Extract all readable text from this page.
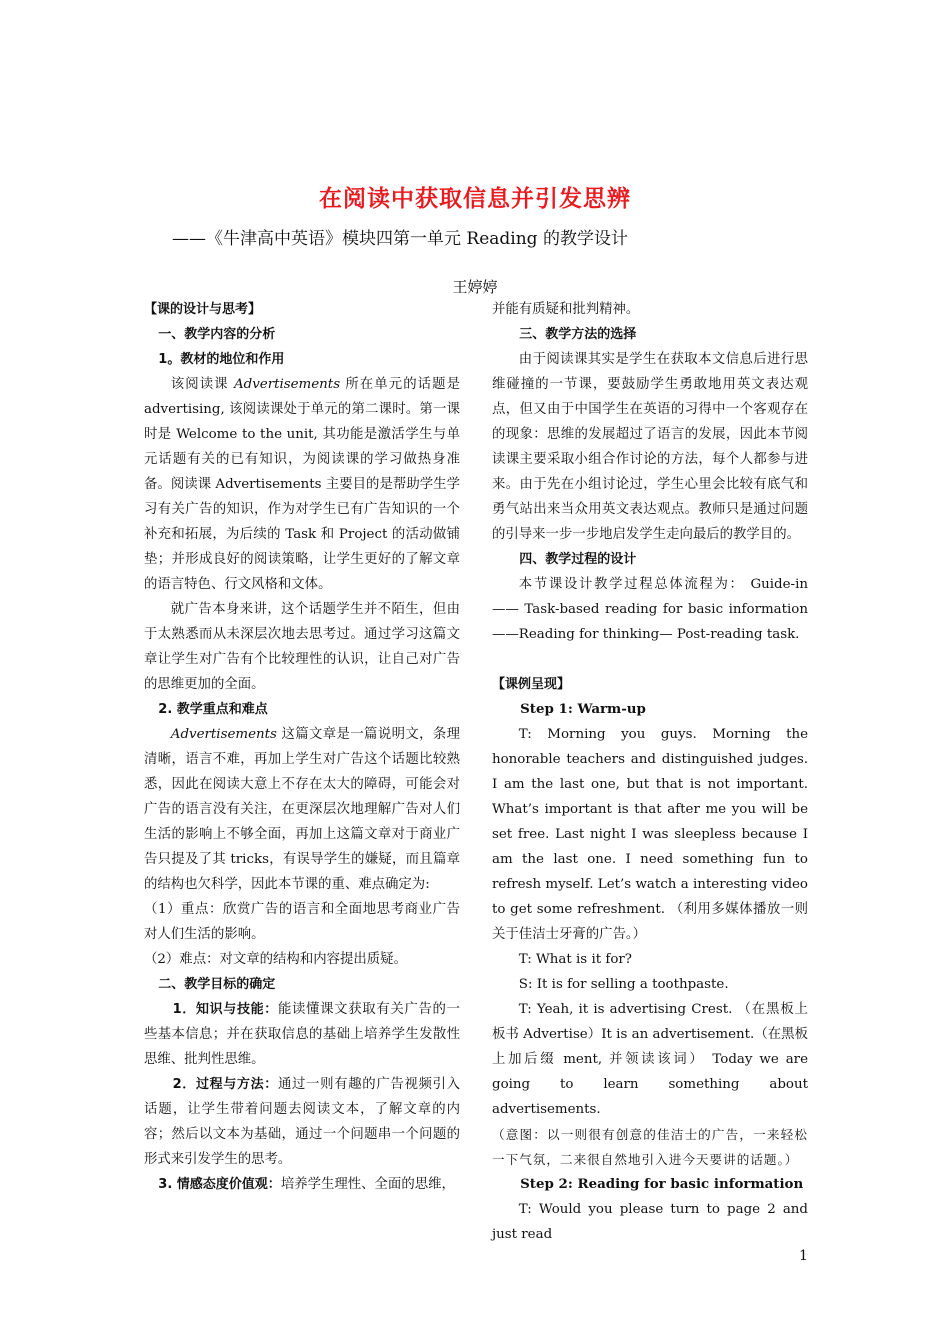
在阅读中获取信息并引发思辨
——《牛津高中英语》模块四第一单元 Reading 的教学设计
王婷婷

【课的设计与思考】

一、教学内容的分析

1。教材的地位和作用

该阅读课 Advertisements 所在单元的话题是 advertising, 该阅读课处于单元的第二课时。第一课时是 Welcome to the unit, 其功能是激活学生与单元话题有关的已有知识，为阅读课的学习做热身准备。阅读课 Advertisements 主要目的是帮助学生学习有关广告的知识，作为对学生已有广告知识的一个补充和拓展，为后续的 Task 和 Project 的活动做铺垫；并形成良好的阅读策略，让学生更好的了解文章的语言特色、行文风格和文体。

就广告本身来讲，这个话题学生并不陌生，但由于太熟悉而从未深层次地去思考过。通过学习这篇文章让学生对广告有个比较理性的认识，让自己对广告的思维更加的全面。

2. 教学重点和难点

Advertisements 这篇文章是一篇说明文，条理清晰，语言不难，再加上学生对广告这个话题比较熟悉，因此在阅读大意上不存在太大的障碍，可能会对广告的语言没有关注，在更深层次地理解广告对人们生活的影响上不够全面，再加上这篇文章对于商业广告只提及了其 tricks，有误导学生的嫌疑，而且篇章的结构也欠科学，因此本节课的重、难点确定为:

（1）重点：欣赏广告的语言和全面地思考商业广告对人们生活的影响。

（2）难点：对文章的结构和内容提出质疑。

二、教学目标的确定

1．知识与技能：能读懂课文获取有关广告的一些基本信息；并在获取信息的基础上培养学生发散性思维、批判性思维。

2．过程与方法：通过一则有趣的广告视频引入话题，让学生带着问题去阅读文本，了解文章的内容；然后以文本为基础，通过一个问题串一个问题的形式来引发学生的思考。

3. 情感态度价值观：培养学生理性、全面的思维，

并能有质疑和批判精神。

三、教学方法的选择

由于阅读课其实是学生在获取本文信息后进行思维碰撞的一节课，要鼓励学生勇敢地用英文表达观点，但又由于中国学生在英语的习得中一个客观存在的现象：思维的发展超过了语言的发展，因此本节阅读课主要采取小组合作讨论的方法，每个人都参与进来。由于先在小组讨论过，学生心里会比较有底气和勇气站出来当众用英文表达观点。教师只是通过问题的引导来一步一步地启发学生走向最后的教学目的。

四、教学过程的设计

本节课设计教学过程总体流程为： Guide-in —— Task-based reading for basic information——Reading for thinking— Post-reading task.

【课例呈现】

Step 1: Warm-up

T: Morning you guys. Morning the honorable teachers and distinguished judges. I am the last one, but that is not important. What’s important is that after me you will be set free. Last night I was sleepless because I am the last one. I need something fun to refresh myself. Let’s watch a interesting video to get some refreshment. （利用多媒体播放一则关于佳洁士牙膏的广告。）

T: What is it for?

S: It is for selling a toothpaste.

T: Yeah, it is advertising Crest. （在黑板上板书 Advertise）It is an advertisement.（在黑板上加后缀 ment, 并领读该词） Today we are going to learn something about advertisements.

（意图：以一则很有创意的佳洁士的广告，一来轻松一下气氛，二来很自然地引入进今天要讲的话题。）

Step 2: Reading for basic information

T: Would you please turn to page 2 and just read

1
